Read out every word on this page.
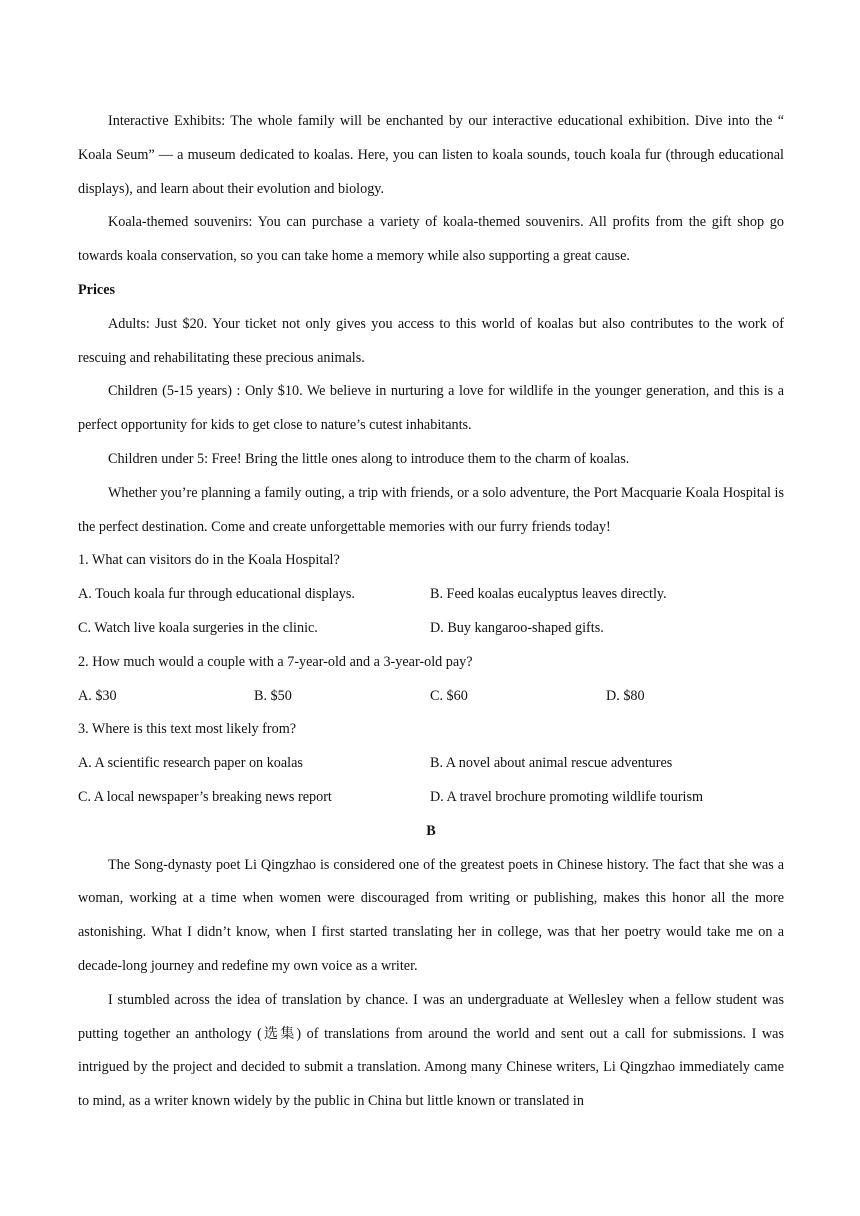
Interactive Exhibits: The whole family will be enchanted by our interactive educational exhibition. Dive into the “ Koala Seum” — a museum dedicated to koalas. Here, you can listen to koala sounds, touch koala fur (through educational displays), and learn about their evolution and biology.

Koala-themed souvenirs: You can purchase a variety of koala-themed souvenirs. All profits from the gift shop go towards koala conservation, so you can take home a memory while also supporting a great cause.

Prices

Adults: Just $20. Your ticket not only gives you access to this world of koalas but also contributes to the work of rescuing and rehabilitating these precious animals.

Children (5-15 years) : Only $10. We believe in nurturing a love for wildlife in the younger generation, and this is a perfect opportunity for kids to get close to nature’s cutest inhabitants.

Children under 5: Free! Bring the little ones along to introduce them to the charm of koalas.

Whether you’re planning a family outing, a trip with friends, or a solo adventure, the Port Macquarie Koala Hospital is the perfect destination. Come and create unforgettable memories with our furry friends today!

1. What can visitors do in the Koala Hospital?

A. Touch koala fur through educational displays.	B. Feed koalas eucalyptus leaves directly.
C. Watch live koala surgeries in the clinic.	D. Buy kangaroo-shaped gifts.

2. How much would a couple with a 7-year-old and a 3-year-old pay?

A. $30	B. $50	C. $60	D. $80

3. Where is this text most likely from?

A. A scientific research paper on koalas	B. A novel about animal rescue adventures
C. A local newspaper’s breaking news report	D. A travel brochure promoting wildlife tourism

B

The Song-dynasty poet Li Qingzhao is considered one of the greatest poets in Chinese history. The fact that she was a woman, working at a time when women were discouraged from writing or publishing, makes this honor all the more astonishing. What I didn’t know, when I first started translating her in college, was that her poetry would take me on a decade-long journey and redefine my own voice as a writer.

I stumbled across the idea of translation by chance. I was an undergraduate at Wellesley when a fellow student was putting together an anthology (选集) of translations from around the world and sent out a call for submissions. I was intrigued by the project and decided to submit a translation. Among many Chinese writers, Li Qingzhao immediately came to mind, as a writer known widely by the public in China but little known or translated in
